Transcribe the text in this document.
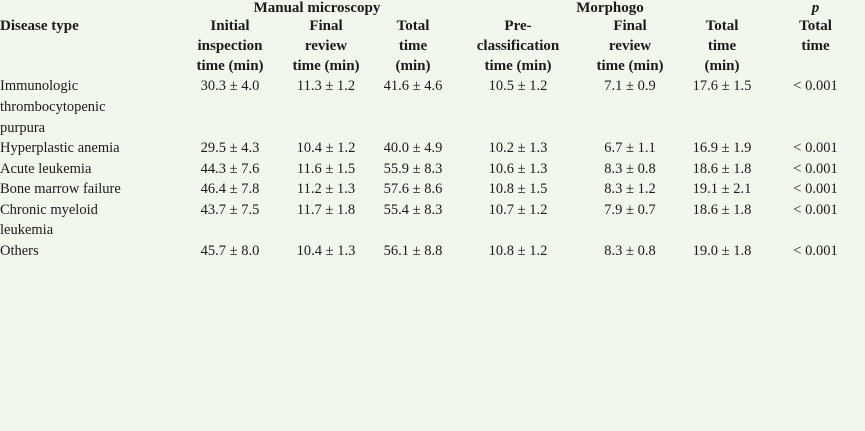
	Manual microscopy			Morphogo			p
Disease type	Initial
inspection
time (min)	Final
review
time (min)	Total
time
(min)	Pre-
classification
time (min)	Final
review
time (min)	Total
time
(min)	Total
time
Immunologic
thrombocytopenic
purpura	30.3 ± 4.0	11.3 ± 1.2	41.6 ± 4.6	10.5 ± 1.2	7.1 ± 0.9	17.6 ± 1.5	< 0.001
Hyperplastic anemia	29.5 ± 4.3	10.4 ± 1.2	40.0 ± 4.9	10.2 ± 1.3	6.7 ± 1.1	16.9 ± 1.9	< 0.001
Acute leukemia	44.3 ± 7.6	11.6 ± 1.5	55.9 ± 8.3	10.6 ± 1.3	8.3 ± 0.8	18.6 ± 1.8	< 0.001
Bone marrow failure	46.4 ± 7.8	11.2 ± 1.3	57.6 ± 8.6	10.8 ± 1.5	8.3 ± 1.2	19.1 ± 2.1	< 0.001
Chronic myeloid
leukemia	43.7 ± 7.5	11.7 ± 1.8	55.4 ± 8.3	10.7 ± 1.2	7.9 ± 0.7	18.6 ± 1.8	< 0.001
Others	45.7 ± 8.0	10.4 ± 1.3	56.1 ± 8.8	10.8 ± 1.2	8.3 ± 0.8	19.0 ± 1.8	< 0.001
